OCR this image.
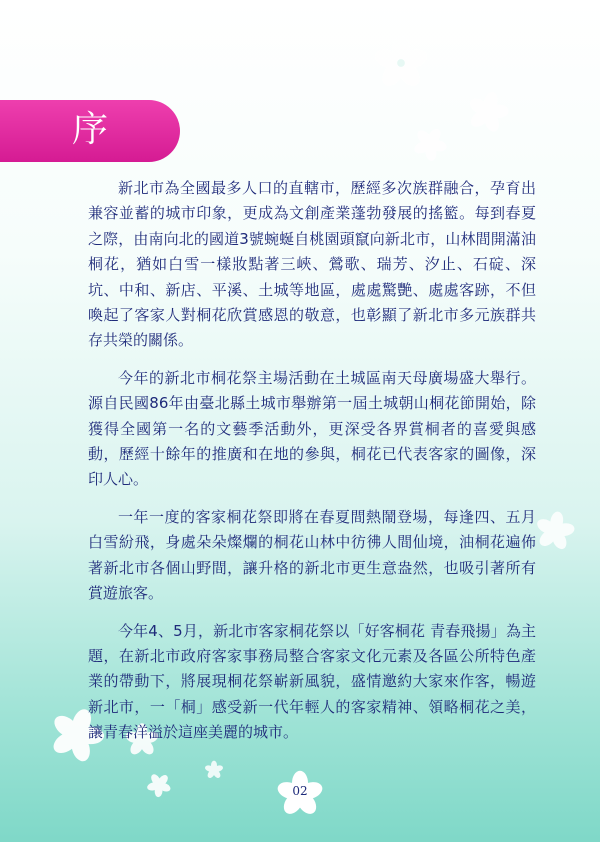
序

新北市為全國最多人口的直轄市，歷經多次族群融合，孕育出兼容並蓄的城市印象，更成為文創產業蓬勃發展的搖籃。每到春夏之際，由南向北的國道3號蜿蜒自桃園頭竄向新北市，山林間開滿油桐花，猶如白雪一樣妝點著三峽、鶯歌、瑞芳、汐止、石碇、深坑、中和、新店、平溪、土城等地區，處處驚艷、處處客跡，不但喚起了客家人對桐花欣賞感恩的敬意，也彰顯了新北市多元族群共存共榮的關係。

今年的新北市桐花祭主場活動在土城區南天母廣場盛大舉行。源自民國86年由臺北縣土城市舉辦第一屆土城朝山桐花節開始，除獲得全國第一名的文藝季活動外，更深受各界賞桐者的喜愛與感動，歷經十餘年的推廣和在地的參與，桐花已代表客家的圖像，深印人心。

一年一度的客家桐花祭即將在春夏間熱鬧登場，每逢四、五月白雪紛飛，身處朵朵燦爛的桐花山林中彷彿人間仙境，油桐花遍佈著新北市各個山野間，讓升格的新北市更生意盎然，也吸引著所有賞遊旅客。

今年4、5月，新北市客家桐花祭以「好客桐花 青春飛揚」為主題，在新北市政府客家事務局整合客家文化元素及各區公所特色產業的帶動下，將展現桐花祭嶄新風貌，盛情邀約大家來作客，暢遊新北市，一「桐」感受新一代年輕人的客家精神、領略桐花之美，讓青春洋溢於這座美麗的城市。

02
